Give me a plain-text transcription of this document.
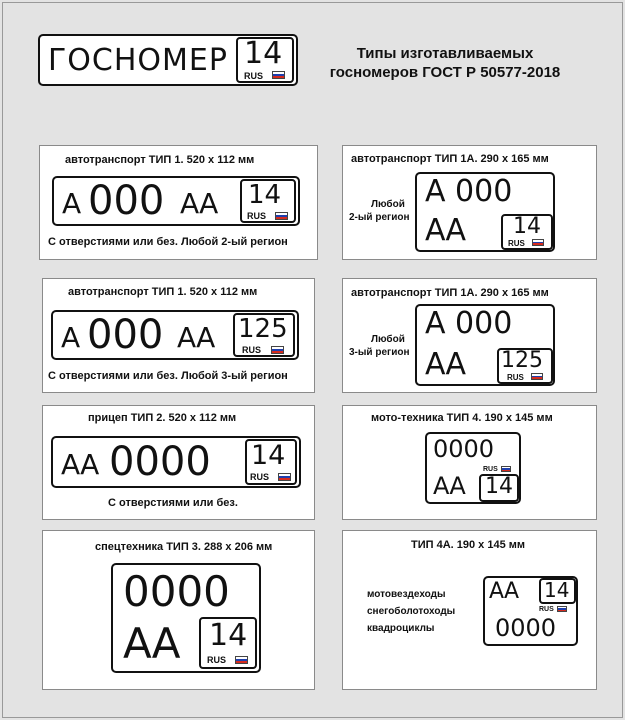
ГОСНОМЕР 14
RUS
Типы изготавливаемых
госномеров ГОСТ Р 50577-2018
автотранспорт ТИП 1. 520 x 112 мм
А 000 АА 14
RUS
С отверстиями или без. Любой 2-ый регион
автотранспорт ТИП 1А. 290 x 165 мм
Любой
2-ый регион
А 000
АА 14
RUS
автотранспорт ТИП 1. 520 x 112 мм
А 000 АА 125
RUS
С отверстиями или без. Любой 3-ый регион
автотранспорт ТИП 1А. 290 x 165 мм
Любой
3-ый регион
А 000
АА 125
RUS
прицеп ТИП 2. 520 x 112 мм
АА 0000 14
RUS
С отверстиями или без.
мото-техника ТИП 4. 190 x 145 мм
0000
АА
RUS
14
спецтехника ТИП 3. 288 x 206 мм
0000
АА 14
RUS
ТИП 4А. 190 x 145 мм
мотовездеходы
снегоболотоходы
квадроциклы
АА 14
RUS
0000
